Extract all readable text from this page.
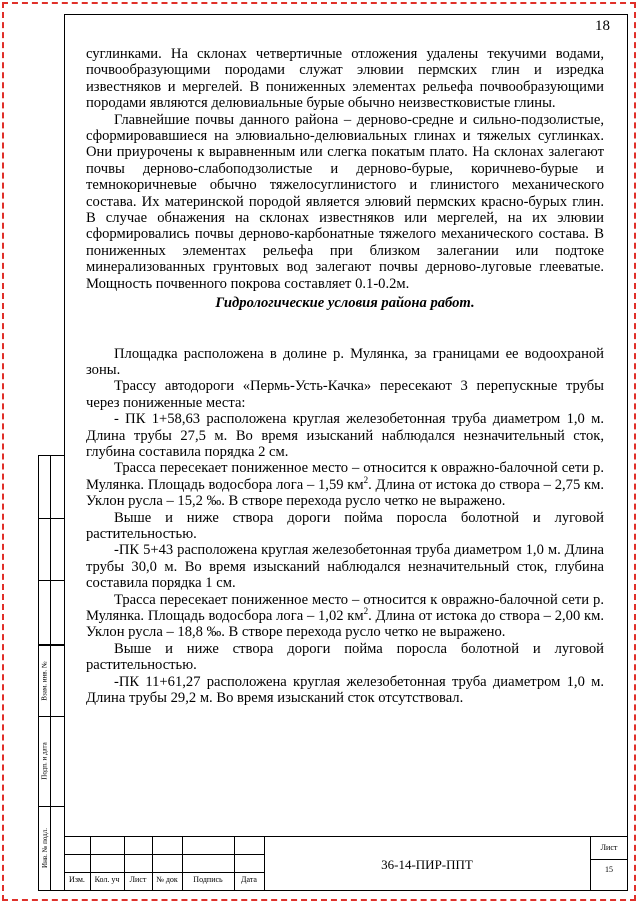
Взам. инв. №
Подп. и дата
Инв. № подл.
18

суглинками. На склонах четвертичные отложения удалены текучими водами, почвообразующими породами служат элювии пермских глин и изредка известняков и мергелей. В пониженных элементах рельефа почвообразующими породами являются делювиальные бурые обычно неизвестковистые глины.

Главнейшие почвы данного района – дерново-средне и сильно-подзолистые, сформировавшиеся на элювиально-делювиальных глинах и тяжелых суглинках. Они приурочены к выравненным или слегка покатым плато. На склонах залегают почвы дерново-слабоподзолистые и дерново-бурые, коричнево-бурые и темнокоричневые обычно тяжелосуглинистого и глинистого механического состава. Их материнской породой является элювий пермских красно-бурых глин. В случае обнажения на склонах известняков или мергелей, на их элювии сформировались почвы дерново-карбонатные тяжелого механического состава. В пониженных элементах рельефа при близком залегании или подтоке минерализованных грунтовых вод залегают почвы дерново-луговые глееватые. Мощность почвенного покрова составляет 0.1-0.2м.

Гидрологические условия района работ.

Площадка расположена в долине р. Мулянка, за границами ее водоохраной зоны.

Трассу автодороги «Пермь-Усть-Качка» пересекают 3 перепускные трубы через пониженные места:

- ПК 1+58,63 расположена круглая железобетонная труба диаметром 1,0 м. Длина трубы 27,5 м. Во время изысканий наблюдался незначительный сток, глубина составила порядка 2 см.

Трасса пересекает пониженное место – относится к овражно-балочной сети р. Мулянка. Площадь водосбора лога – 1,59 $км^2$. Длина от истока до створа – 2,75 км. Уклон русла – 15,2 ‰. В створе перехода русло четко не выражено.

Выше и ниже створа дороги пойма поросла болотной и луговой растительностью.

-ПК 5+43 расположена круглая железобетонная труба диаметром 1,0 м. Длина трубы 30,0 м. Во время изысканий наблюдался незначительный сток, глубина составила порядка 1 см.

Трасса пересекает пониженное место – относится к овражно-балочной сети р. Мулянка. Площадь водосбора лога – 1,02 $км^2$. Длина от истока до створа – 2,00 км. Уклон русла – 18,8 ‰. В створе перехода русло четко не выражено.

Выше и ниже створа дороги пойма поросла болотной и луговой растительностью.

-ПК 11+61,27 расположена круглая железобетонная труба диаметром 1,0 м. Длина трубы 29,2 м. Во время изысканий сток отсутствовал.

Изм.	Кол. уч	Лист	№ док	Подпись	Дата
36-14-ПИР-ППТ
Лист
15
